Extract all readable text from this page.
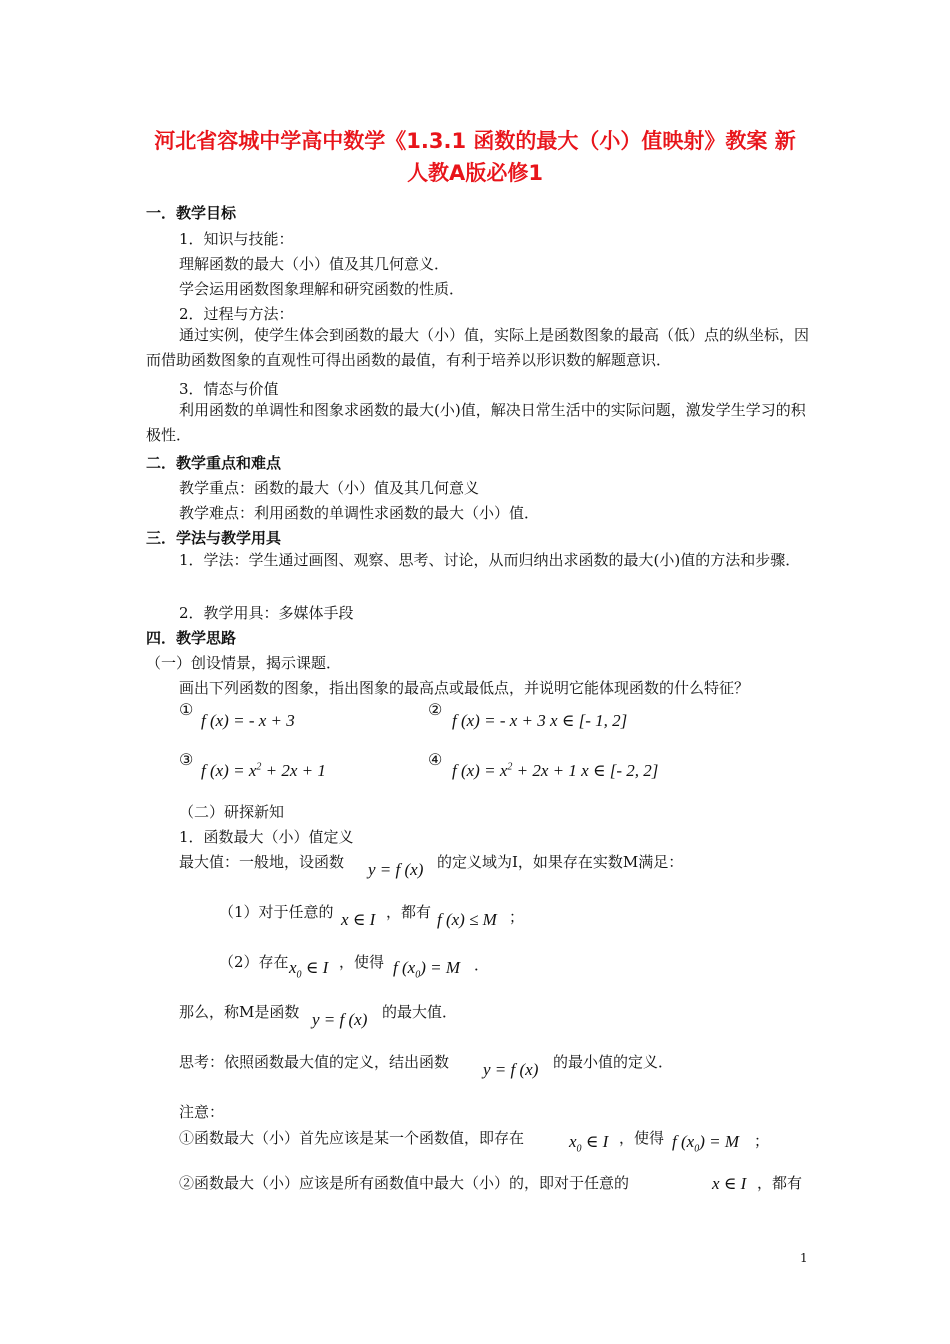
河北省容城中学高中数学《1.3.1 函数的最大（小）值映射》教案 新
人教A版必修1
一．教学目标
1．知识与技能：
理解函数的最大（小）值及其几何意义．
学会运用函数图象理解和研究函数的性质．
2．过程与方法：
通过实例，使学生体会到函数的最大（小）值，实际上是函数图象的最高（低）点的纵坐标，因而借助函数图象的直观性可得出函数的最值，有利于培养以形识数的解题意识．
3．情态与价值
利用函数的单调性和图象求函数的最大(小)值，解决日常生活中的实际问题，激发学生学习的积极性．
二．教学重点和难点
教学重点：函数的最大（小）值及其几何意义
教学难点：利用函数的单调性求函数的最大（小）值．
三．学法与教学用具
1．学法：学生通过画图、观察、思考、讨论，从而归纳出求函数的最大(小)值的方法和步骤．
2．教学用具：多媒体手段
四．教学思路
（一）创设情景，揭示课题．
画出下列函数的图象，指出图象的最高点或最低点，并说明它能体现函数的什么特征？
①
f (x) = - x + 3
②
f (x) = - x + 3 x ∈ [- 1, 2]
③
f $(x) = x^2 + 2x + 1$
④
f $(x) = x^2 + 2x + 1$ x ∈ [- 2, 2]
（二）研探新知
1．函数最大（小）值定义
最大值：一般地，设函数 y = f (x) 的定义域为I，如果存在实数M满足：
（1）对于任意的 x ∈ I ，都有 f (x) ≤ M ；
（2）存在 $x_0$ ∈ I ，使得 f $(x_0) = M$ ．
那么，称M是函数 y = f (x) 的最大值．
思考：依照函数最大值的定义，结出函数 y = f (x) 的最小值的定义．
注意：
①函数最大（小）首先应该是某一个函数值，即存在	$x_0$ ∈ I ，使得 f $(x_0) = M$ ；
②函数最大（小）应该是所有函数值中最大（小）的，即对于任意的	x ∈ I ，都有
1
